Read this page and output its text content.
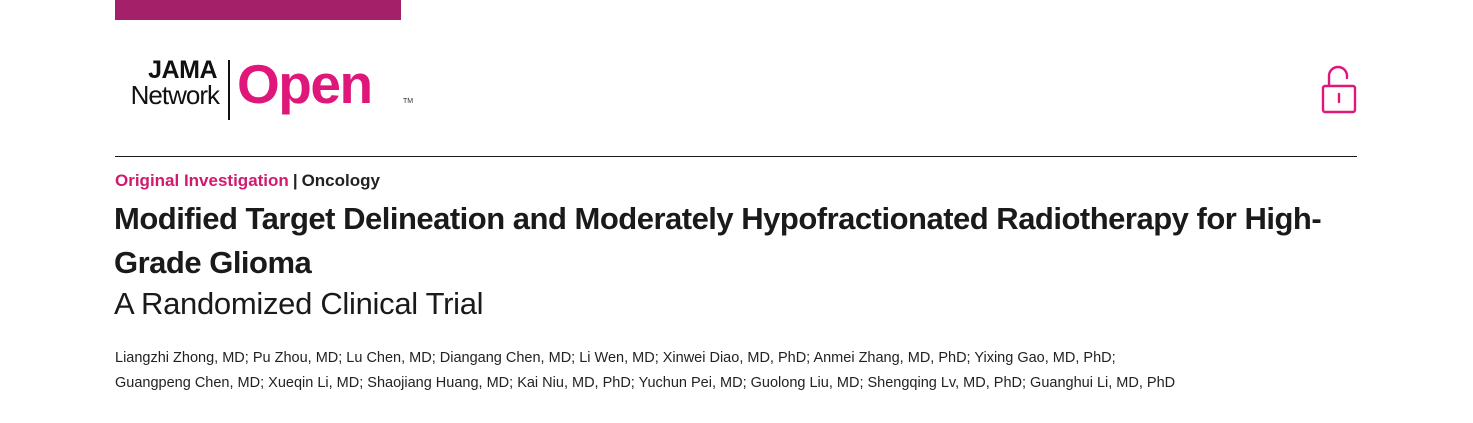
JAMA
Network Open	TM
Original Investigation | Oncology
Modified Target Delineation and Moderately Hypofractionated Radiotherapy for High-Grade Glioma
A Randomized Clinical Trial
Liangzhi Zhong, MD; Pu Zhou, MD; Lu Chen, MD; Diangang Chen, MD; Li Wen, MD; Xinwei Diao, MD, PhD; Anmei Zhang, MD, PhD; Yixing Gao, MD, PhD;
Guangpeng Chen, MD; Xueqin Li, MD; Shaojiang Huang, MD; Kai Niu, MD, PhD; Yuchun Pei, MD; Guolong Liu, MD; Shengqing Lv, MD, PhD; Guanghui Li, MD, PhD
